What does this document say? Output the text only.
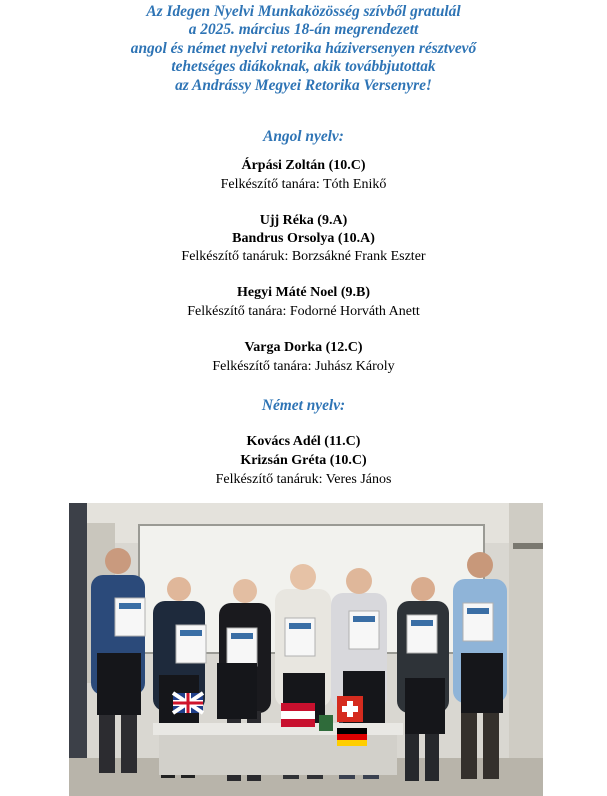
Az Idegen Nyelvi Munkaközösség szívből gratulál
a 2025. március 18-án megrendezett
angol és német nyelvi retorika háziversenyen résztvevő
tehetséges diákoknak, akik továbbjutottak
az Andrássy Megyei Retorika Versenyre!
Angol nyelv:
Árpási Zoltán (10.C)
Felkészítő tanára: Tóth Enikő
Ujj Réka (9.A)
Bandrus Orsolya (10.A)
Felkészítő tanáruk: Borzsákné Frank Eszter
Hegyi Máté Noel (9.B)
Felkészítő tanára: Fodorné Horváth Anett
Varga Dorka (12.C)
Felkészítő tanára: Juhász Károly
Német nyelv:
Kovács Adél (11.C)
Krizsán Gréta (10.C)
Felkészítő tanáruk: Veres János
